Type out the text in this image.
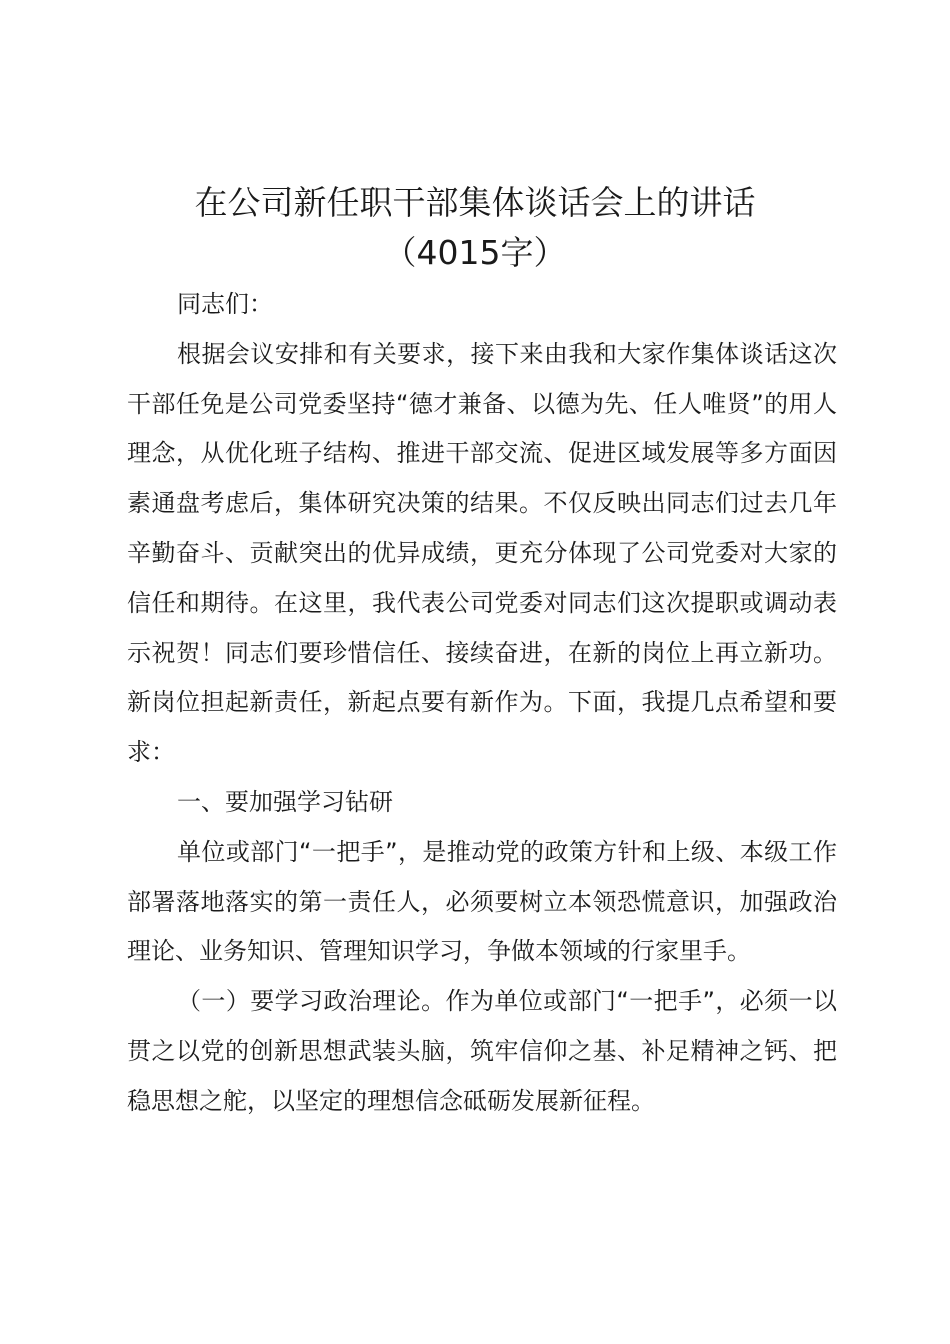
在公司新任职干部集体谈话会上的讲话
（4015字）

同志们：

根据会议安排和有关要求，接下来由我和大家作集体谈话这次干部任免是公司党委坚持“德才兼备、以德为先、任人唯贤”的用人理念，从优化班子结构、推进干部交流、促进区域发展等多方面因素通盘考虑后，集体研究决策的结果。不仅反映出同志们过去几年辛勤奋斗、贡献突出的优异成绩，更充分体现了公司党委对大家的信任和期待。在这里，我代表公司党委对同志们这次提职或调动表示祝贺！同志们要珍惜信任、接续奋进，在新的岗位上再立新功。新岗位担起新责任，新起点要有新作为。下面，我提几点希望和要求：

一、要加强学习钻研

单位或部门“一把手”，是推动党的政策方针和上级、本级工作部署落地落实的第一责任人，必须要树立本领恐慌意识，加强政治理论、业务知识、管理知识学习，争做本领域的行家里手。

（一）要学习政治理论。作为单位或部门“一把手”，必须一以贯之以党的创新思想武装头脑，筑牢信仰之基、补足精神之钙、把稳思想之舵，以坚定的理想信念砥砺发展新征程。
